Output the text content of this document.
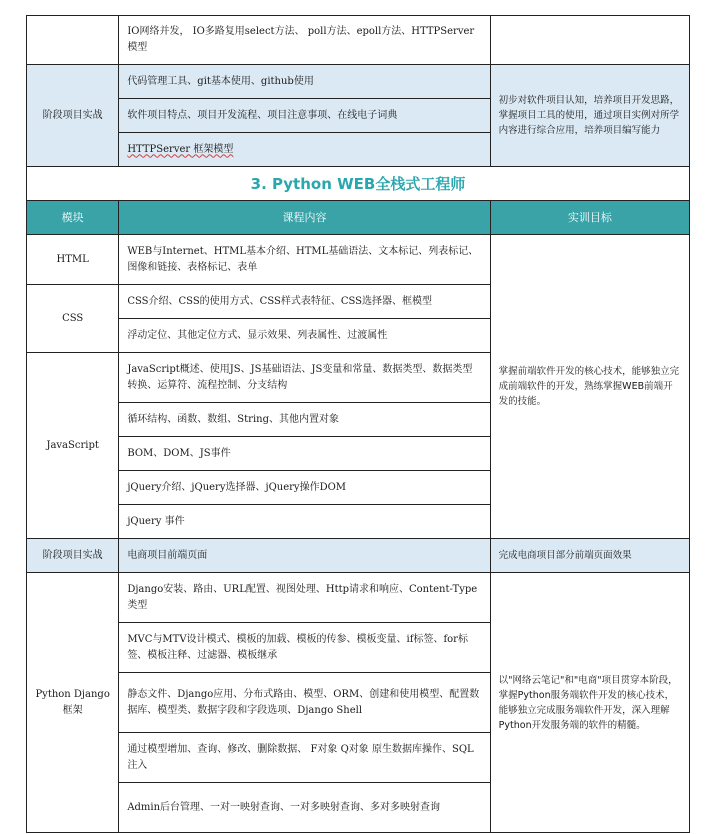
	IO网络并发， IO多路复用select方法、 poll方法、epoll方法、HTTPServer模型	
阶段项目实战	代码管理工具、git基本使用、github使用	初步对软件项目认知，培养项目开发思路，掌握项目工具的使用，通过项目实例对所学内容进行综合应用，培养项目编写能力
	软件项目特点、项目开发流程、项目注意事项、在线电子词典	
	HTTPServer 框架模型	
3. Python WEB全栈式工程师		
模块	课程内容	实训目标
HTML	WEB与Internet、HTML基本介绍、HTML基础语法、文本标记、列表标记、图像和链接、表格标记、表单	掌握前端软件开发的核心技术，能够独立完成前端软件的开发，熟练掌握WEB前端开发的技能。
CSS	CSS介绍、CSS的使用方式、CSS样式表特征、CSS选择器、框模型	
	浮动定位、其他定位方式、显示效果、列表属性、过渡属性	
JavaScript	JavaScript概述、使用JS、JS基础语法、JS变量和常量、数据类型、数据类型转换、运算符、流程控制、分支结构	
	循环结构、函数、数组、String、其他内置对象	
	BOM、DOM、JS事件	
	jQuery介绍、jQuery选择器、jQuery操作DOM	
	jQuery 事件	
阶段项目实战	电商项目前端页面	完成电商项目部分前端页面效果
Python Django框架	Django安装、路由、URL配置、视图处理、Http请求和响应、Content-Type类型	以"网络云笔记"和"电商"项目贯穿本阶段，掌握Python服务端软件开发的核心技术，能够独立完成服务端软件开发，深入理解Python开发服务端的软件的精髓。
	MVC与MTV设计模式、模板的加载、模板的传参、模板变量、if标签、for标签、模板注释、过滤器、模板继承	
	静态文件、Django应用、分布式路由、模型、ORM、创建和使用模型、配置数据库、模型类、数据字段和字段选项、Django Shell	
	通过模型增加、查询、修改、删除数据、 F对象 Q对象 原生数据库操作、SQL注入	
	Admin后台管理、一对一映射查询、一对多映射查询、多对多映射查询	
